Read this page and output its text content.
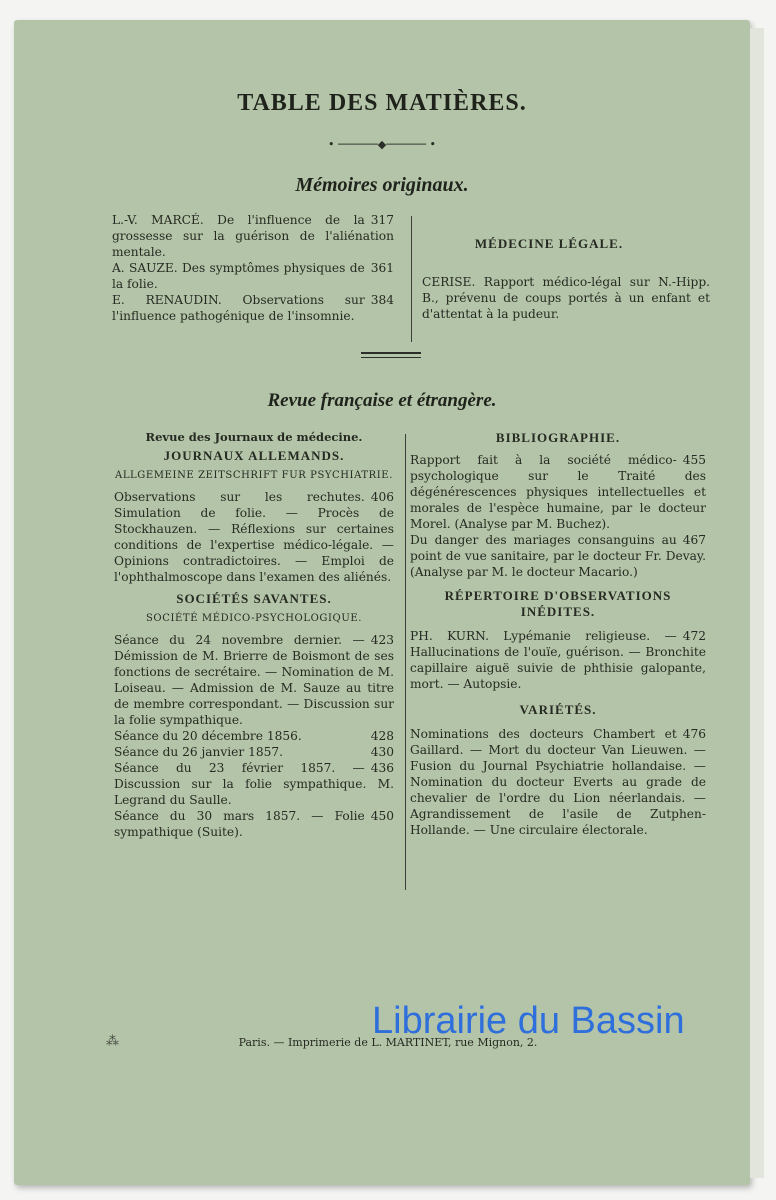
TABLE DES MATIÈRES.
• ──────◆────── •
Mémoires originaux.
317
L.-V. MARCÉ. De l'influence de la grossesse sur la guérison de l'aliénation mentale.
361
A. SAUZE. Des symptômes physiques de la folie.
384
E. RENAUDIN. Observations sur l'influence pathogénique de l'insomnie.
MÉDECINE LÉGALE.
CERISE. Rapport médico-légal sur N.-Hipp. B., prévenu de coups portés à un enfant et d'attentat à la pudeur.
Revue française et étrangère.
Revue des Journaux de médecine.
JOURNAUX ALLEMANDS.
ALLGEMEINE ZEITSCHRIFT FUR PSYCHIATRIE.
406
Observations sur les rechutes. Simulation de folie. — Procès de Stockhauzen. — Réflexions sur certaines conditions de l'expertise médico-légale. — Opinions contradictoires. — Emploi de l'ophthalmoscope dans l'examen des aliénés.
SOCIÉTÉS SAVANTES.
SOCIÉTÉ MÉDICO-PSYCHOLOGIQUE.
423
Séance du 24 novembre dernier. — Démission de M. Brierre de Boismont de ses fonctions de secrétaire. — Nomination de M. Loiseau. — Admission de M. Sauze au titre de membre correspondant. — Discussion sur la folie sympathique.
428
Séance du 20 décembre 1856.
430
Séance du 26 janvier 1857.
436
Séance du 23 février 1857. — Discussion sur la folie sympathique. M. Legrand du Saulle.
450
Séance du 30 mars 1857. — Folie sympathique (Suite).
BIBLIOGRAPHIE.
455
Rapport fait à la société médico-psychologique sur le Traité des dégénérescences physiques intellectuelles et morales de l'espèce humaine, par le docteur Morel. (Analyse par M. Buchez).
467
Du danger des mariages consanguins au point de vue sanitaire, par le docteur Fr. Devay. (Analyse par M. le docteur Macario.)
RÉPERTOIRE D'OBSERVATIONS INÉDITES.
472
PH. KURN. Lypémanie religieuse. — Hallucinations de l'ouïe, guérison. — Bronchite capillaire aiguë suivie de phthisie galopante, mort. — Autopsie.
VARIÉTÉS.
476
Nominations des docteurs Chambert et Gaillard. — Mort du docteur Van Lieuwen. — Fusion du Journal Psychiatrie hollandaise. — Nomination du docteur Everts au grade de chevalier de l'ordre du Lion néerlandais. — Agrandissement de l'asile de Zutphen-Hollande. — Une circulaire électorale.
⁂	Paris. — Imprimerie de L. MARTINET, rue Mignon, 2.
Librairie du Bassin
